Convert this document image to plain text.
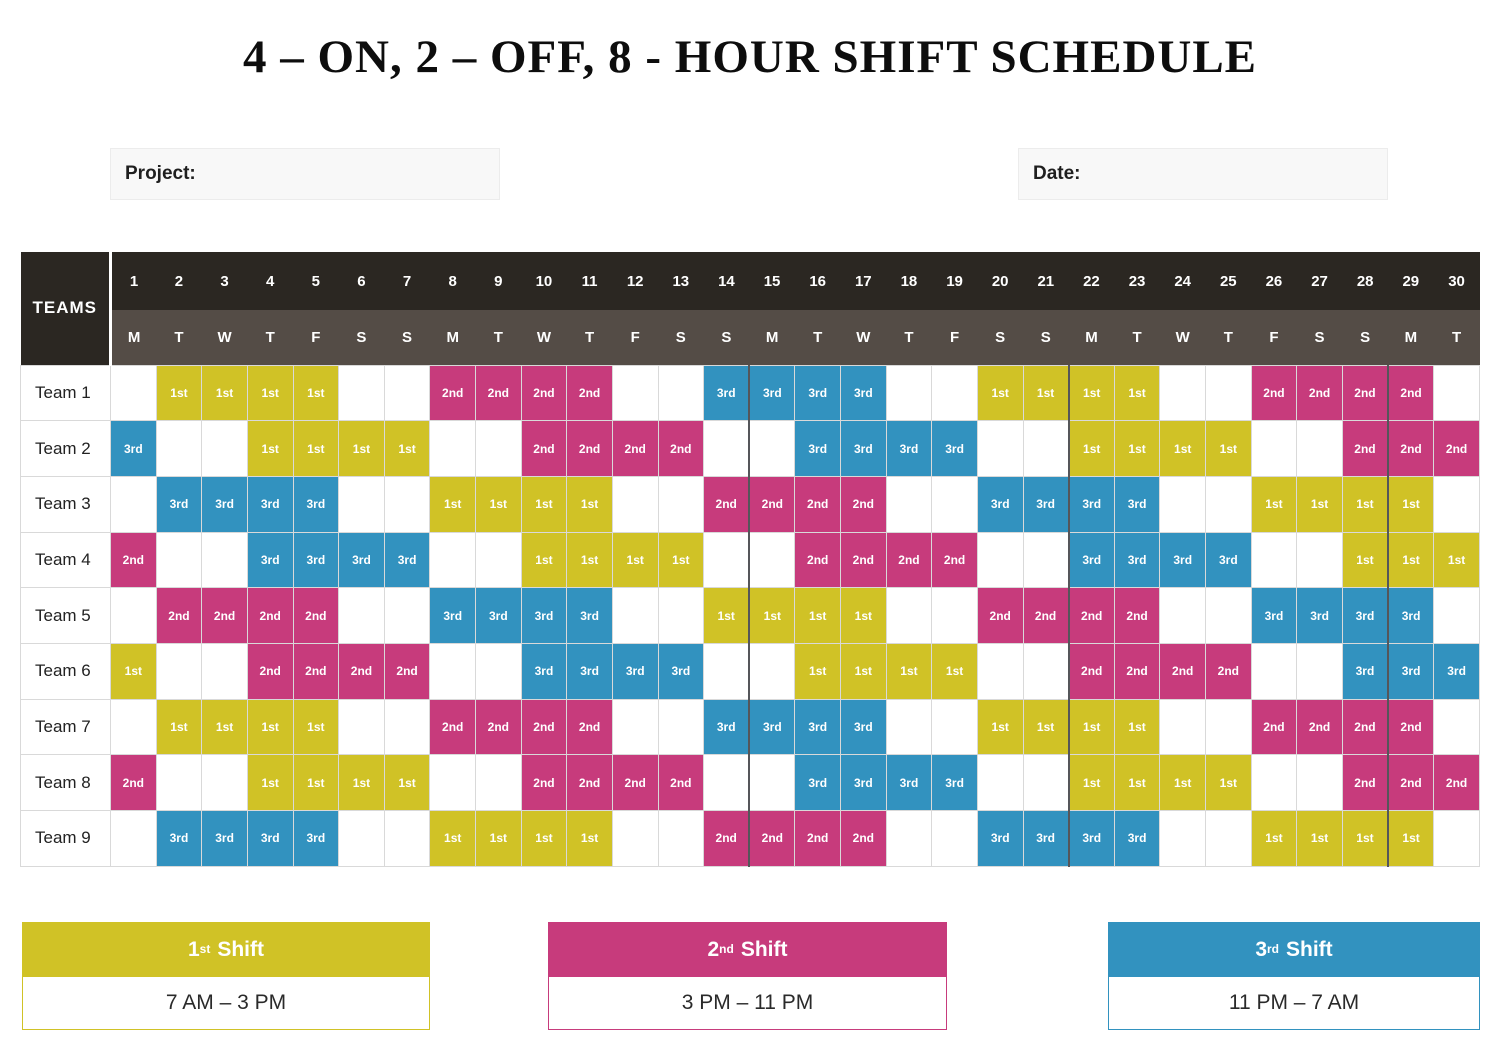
4 – ON, 2 – OFF, 8 - HOUR SHIFT SCHEDULE
Project:	Date:
TEAMS	1	2	3	4	5	6	7	8	9	10	11	12	13	14	15	16	17	18	19	20	21	22	23	24	25	26	27	28	29	30
	M	T	W	T	F	S	S	M	T	W	T	F	S	S	M	T	W	T	F	S	S	M	T	W	T	F	S	S	M	T
Team 1		1st	1st	1st	1st			2nd	2nd	2nd	2nd			3rd	3rd	3rd	3rd			1st	1st	1st	1st			2nd	2nd	2nd	2nd	
Team 2	3rd			1st	1st	1st	1st			2nd	2nd	2nd	2nd			3rd	3rd	3rd	3rd			1st	1st	1st	1st			2nd	2nd	2nd
Team 3		3rd	3rd	3rd	3rd			1st	1st	1st	1st			2nd	2nd	2nd	2nd			3rd	3rd	3rd	3rd			1st	1st	1st	1st	
Team 4	2nd			3rd	3rd	3rd	3rd			1st	1st	1st	1st			2nd	2nd	2nd	2nd			3rd	3rd	3rd	3rd			1st	1st	1st
Team 5		2nd	2nd	2nd	2nd			3rd	3rd	3rd	3rd			1st	1st	1st	1st			2nd	2nd	2nd	2nd			3rd	3rd	3rd	3rd	
Team 6	1st			2nd	2nd	2nd	2nd			3rd	3rd	3rd	3rd			1st	1st	1st	1st			2nd	2nd	2nd	2nd			3rd	3rd	3rd
Team 7		1st	1st	1st	1st			2nd	2nd	2nd	2nd			3rd	3rd	3rd	3rd			1st	1st	1st	1st			2nd	2nd	2nd	2nd	
Team 8	2nd			1st	1st	1st	1st			2nd	2nd	2nd	2nd			3rd	3rd	3rd	3rd			1st	1st	1st	1st			2nd	2nd	2nd
Team 9		3rd	3rd	3rd	3rd			1st	1st	1st	1st			2nd	2nd	2nd	2nd			3rd	3rd	3rd	3rd			1st	1st	1st	1st	
1st Shift
7 AM – 3 PM
2nd Shift
3 PM – 11 PM
3rd Shift
11 PM – 7 AM
